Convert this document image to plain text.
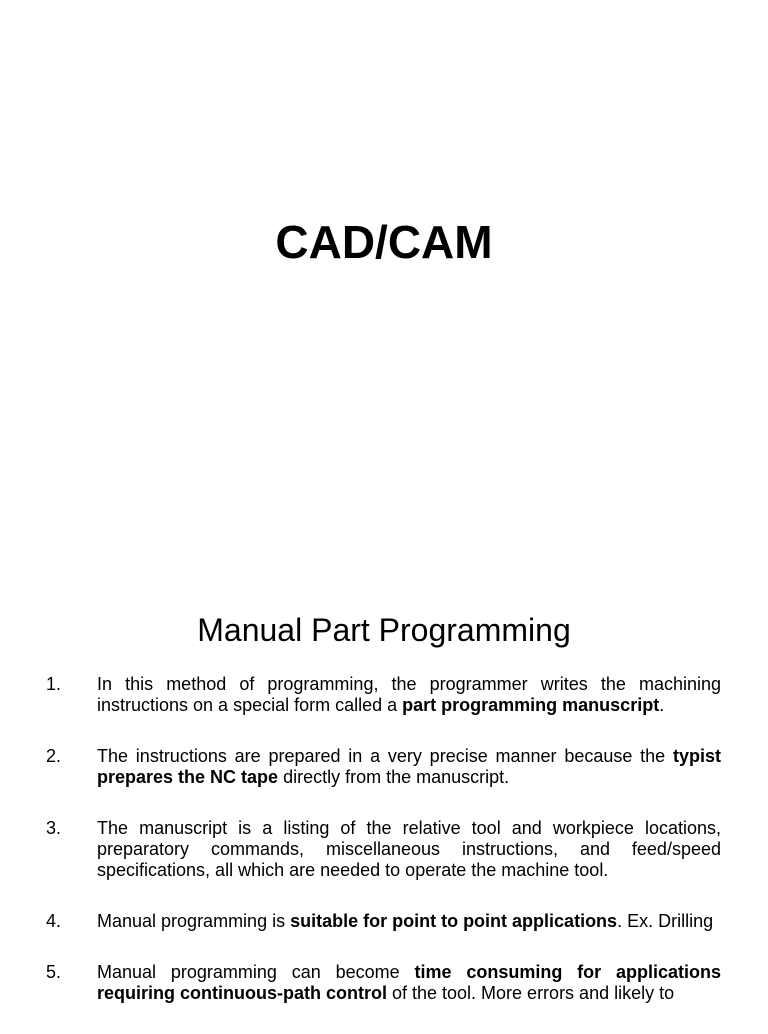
CAD/CAM
Manual Part Programming
1. In this method of programming, the programmer writes the machining instructions on a special form called a part programming manuscript.
2. The instructions are prepared in a very precise manner because the typist prepares the NC tape directly from the manuscript.
3. The manuscript is a listing of the relative tool and workpiece locations, preparatory commands, miscellaneous instructions, and feed/speed specifications, all which are needed to operate the machine tool.
4. Manual programming is suitable for point to point applications. Ex. Drilling
5. Manual programming can become time consuming for applications requiring continuous-path control of the tool. More errors and likely to
